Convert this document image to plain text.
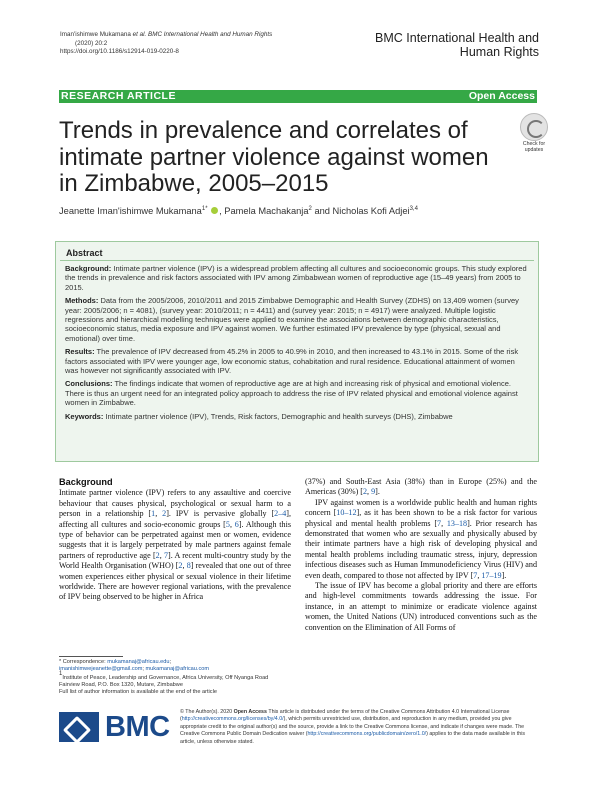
Iman'ishimwe Mukamana et al. BMC International Health and Human Rights
(2020) 20:2
https://doi.org/10.1186/s12914-019-0220-8
BMC International Health and
Human Rights
RESEARCH ARTICLE	Open Access
Trends in prevalence and correlates of intimate partner violence against women in Zimbabwe, 2005–2015
Check for updates
Jeanette Iman'ishimwe Mukamana$^{1*}$ , Pamela Machakanja$^2$ and Nicholas Kofi Adjei$^{3,4}$
Abstract

Background: Intimate partner violence (IPV) is a widespread problem affecting all cultures and socioeconomic groups. This study explored the trends in prevalence and risk factors associated with IPV among Zimbabwean women of reproductive age (15–49 years) from 2005 to 2015.

Methods: Data from the 2005/2006, 2010/2011 and 2015 Zimbabwe Demographic and Health Survey (ZDHS) on 13,409 women (survey year: 2005/2006; n = 4081), (survey year: 2010/2011; n = 4411) and (survey year: 2015; n = 4917) were analyzed. Multiple logistic regressions and hierarchical modelling techniques were applied to examine the associations between demographic characteristics, socioeconomic status, media exposure and IPV against women. We further estimated IPV prevalence by type (physical, sexual and emotional) over time.

Results: The prevalence of IPV decreased from 45.2% in 2005 to 40.9% in 2010, and then increased to 43.1% in 2015. Some of the risk factors associated with IPV were younger age, low economic status, cohabitation and rural residence. Educational attainment of women was however not significantly associated with IPV.

Conclusions: The findings indicate that women of reproductive age are at high and increasing risk of physical and emotional violence. There is thus an urgent need for an integrated policy approach to address the rise of IPV related physical and emotional violence against women in Zimbabwe.

Keywords: Intimate partner violence (IPV), Trends, Risk factors, Demographic and health surveys (DHS), Zimbabwe

Background

Intimate partner violence (IPV) refers to any assaultive and coercive behaviour that causes physical, psychological or sexual harm to a person in a relationship [1, 2]. IPV is pervasive globally [2–4], affecting all cultures and socio-economic groups [5, 6]. Although this type of behavior can be perpetrated against men or women, evidence suggests that it is largely perpetrated by male partners against female partners of reproductive age [2, 7]. A recent multi-country study by the World Health Organisation (WHO) [2, 8] revealed that one out of three women experiences either physical or sexual violence in their lifetime worldwide. There are however regional variations, with the prevalence of IPV being observed to be higher in Africa

(37%) and South-East Asia (38%) than in Europe (25%) and the Americas (30%) [2, 9].

IPV against women is a worldwide public health and human rights concern [10–12], as it has been shown to be a risk factor for various physical and mental health problems [7, 13–18]. Prior research has demonstrated that women who are sexually and physically abused by their intimate partners have a high risk of developing physical and mental health problems including traumatic stress, injury, depression infectious diseases such as Human Immunodeficiency Virus (HIV) and even death, compared to those not affected by IPV [7, 17–19].

The issue of IPV has become a global priority and there are efforts and high-level commitments towards addressing the issue. For instance, in an attempt to minimize or eradicate violence against women, the United Nations (UN) introduced conventions such as the convention on the Elimination of All Forms of

* Correspondence: mukamanaj@africau.edu;
imanishimwejeanette@gmail.com; mukamanaj@africau.com
$^1$Institute of Peace, Leadership and Governance, Africa University, Off Nyanga Road Fairview Road, P.O. Box 1320, Mutare, Zimbabwe
Full list of author information is available at the end of the article
BMC © The Author(s). 2020 Open Access This article is distributed under the terms of the Creative Commons Attribution 4.0 International License (http://creativecommons.org/licenses/by/4.0/), which permits unrestricted use, distribution, and reproduction in any medium, provided you give appropriate credit to the original author(s) and the source, provide a link to the Creative Commons license, and indicate if changes were made. The Creative Commons Public Domain Dedication waiver (http://creativecommons.org/publicdomain/zero/1.0/) applies to the data made available in this article, unless otherwise stated.
